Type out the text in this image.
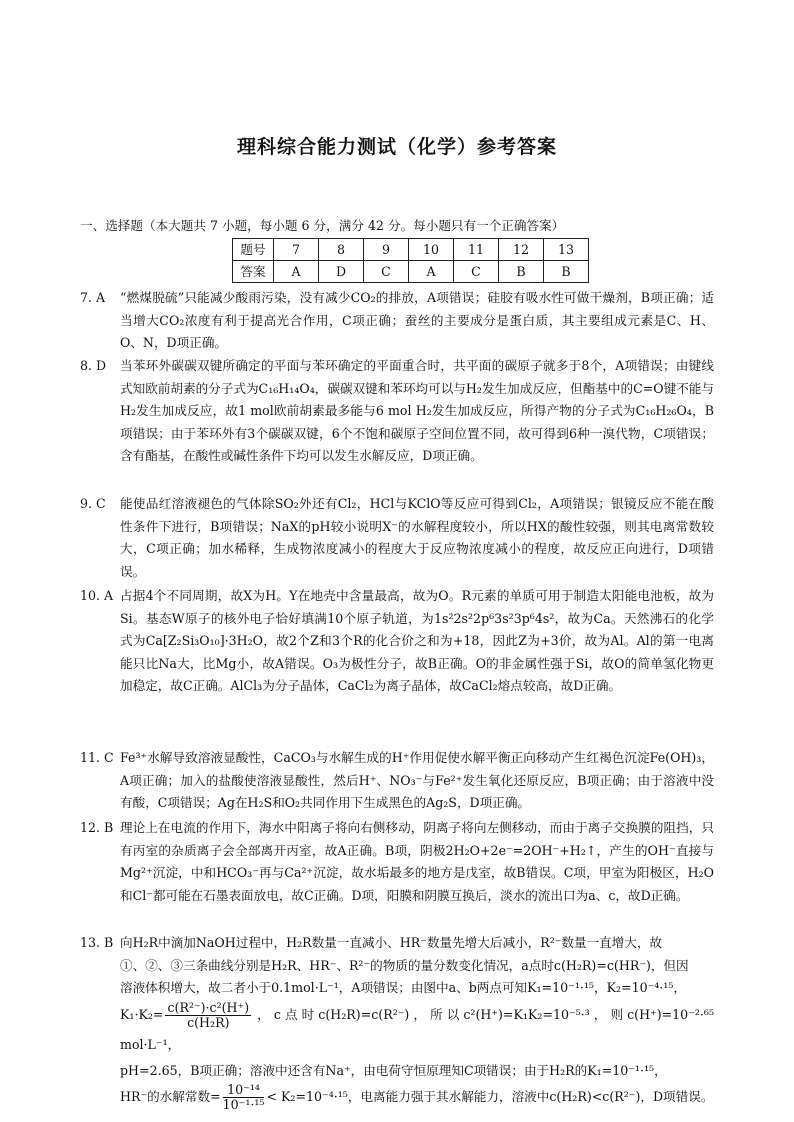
理科综合能力测试（化学）参考答案
一、选择题（本大题共 7 小题，每小题 6 分，满分 42 分。每小题只有一个正确答案）
题号	7	8	9	10	11	12	13
答案	A	D	C	A	C	B	B
7. A “燃煤脱硫”只能减少酸雨污染，没有减少CO₂的排放，A项错误；硅胶有吸水性可做干燥剂，B项正确；适当增大CO₂浓度有利于提高光合作用，C项正确；蚕丝的主要成分是蛋白质，其主要组成元素是C、H、O、N，D项正确。
8. D 当苯环外碳碳双键所确定的平面与苯环确定的平面重合时，共平面的碳原子就多于8个，A项错误；由键线式知欧前胡素的分子式为C₁₆H₁₄O₄，碳碳双键和苯环均可以与H₂发生加成反应，但酯基中的C=O键不能与H₂发生加成反应，故1 mol欧前胡素最多能与6 mol H₂发生加成反应，所得产物的分子式为C₁₆H₂₆O₄，B项错误；由于苯环外有3个碳碳双键，6个不饱和碳原子空间位置不同，故可得到6种一溴代物，C项错误；含有酯基，在酸性或碱性条件下均可以发生水解反应，D项正确。
9. C 能使品红溶液褪色的气体除SO₂外还有Cl₂，HCl与KClO等反应可得到Cl₂，A项错误；银镜反应不能在酸性条件下进行，B项错误；NaX的pH较小说明X⁻的水解程度较小，所以HX的酸性较强，则其电离常数较大，C项正确；加水稀释，生成物浓度减小的程度大于反应物浓度减小的程度，故反应正向进行，D项错误。
10. A 占据4个不同周期，故X为H。Y在地壳中含量最高，故为O。R元素的单质可用于制造太阳能电池板，故为Si。基态W原子的核外电子恰好填满10个原子轨道，为1s²2s²2p⁶3s²3p⁶4s²，故为Ca。天然沸石的化学式为Ca[Z₂Si₃O₁₀]·3H₂O，故2个Z和3个R的化合价之和为+18，因此Z为+3价，故为Al。Al的第一电离能只比Na大，比Mg小，故A错误。O₃为极性分子，故B正确。O的非金属性强于Si，故O的简单氢化物更加稳定，故C正确。AlCl₃为分子晶体，CaCl₂为离子晶体，故CaCl₂熔点较高，故D正确。
11. C Fe³⁺水解导致溶液显酸性，CaCO₃与水解生成的H⁺作用促使水解平衡正向移动产生红褐色沉淀Fe(OH)₃，A项正确；加入的盐酸使溶液显酸性，然后H⁺、NO₃⁻与Fe²⁺发生氧化还原反应，B项正确；由于溶液中没有酸，C项错误；Ag在H₂S和O₂共同作用下生成黑色的Ag₂S，D项正确。
12. B 理论上在电流的作用下，海水中阳离子将向右侧移动，阴离子将向左侧移动，而由于离子交换膜的阻挡，只有丙室的杂质离子会全部离开丙室，故A正确。B项，阴极2H₂O+2e⁻=2OH⁻+H₂↑，产生的OH⁻直接与Mg²⁺沉淀，中和HCO₃⁻再与Ca²⁺沉淀，故水垢最多的地方是戊室，故B错误。C项，甲室为阳极区，H₂O和Cl⁻都可能在石墨表面放电，故C正确。D项，阳膜和阴膜互换后，淡水的流出口为a、c，故D正确。
13. B 向H₂R中滴加NaOH过程中，H₂R数量一直减小、HR⁻数量先增大后减小，R²⁻数量一直增大，故
①、②、③三条曲线分别是H₂R、HR⁻、R²⁻的物质的量分数变化情况，a点时c(H₂R)=c(HR⁻)，但因
溶液体积增大，故二者小于0.1mol·L⁻¹，A项错误；由图中a、b两点可知K₁=10⁻¹·¹⁵，K₂=10⁻⁴·¹⁵，
$K_1\cdot K_2= \frac{\text{c(R²⁻)·c²(H⁺)}}{\text{c(H₂R)}}$ ，c点时c(H₂R)=c(R²⁻)，所以c²(H⁺)=K₁K₂=10⁻⁵·³，则c(H⁺)=10⁻²·⁶⁵ mol·L⁻¹，
pH=2.65，B项正确；溶液中还含有Na⁺，由电荷守恒原理知C项错误；由于H₂R的K₁=10⁻¹·¹⁵，
HR⁻的水解常数= $\frac{\text{10⁻¹⁴}}{\text{10⁻¹·¹⁵}} < K_2=10^{-4}\cdot^{15}$，电离能力强于其水解能力，溶液中c(H₂R)<c(R²⁻)，D项错误。
